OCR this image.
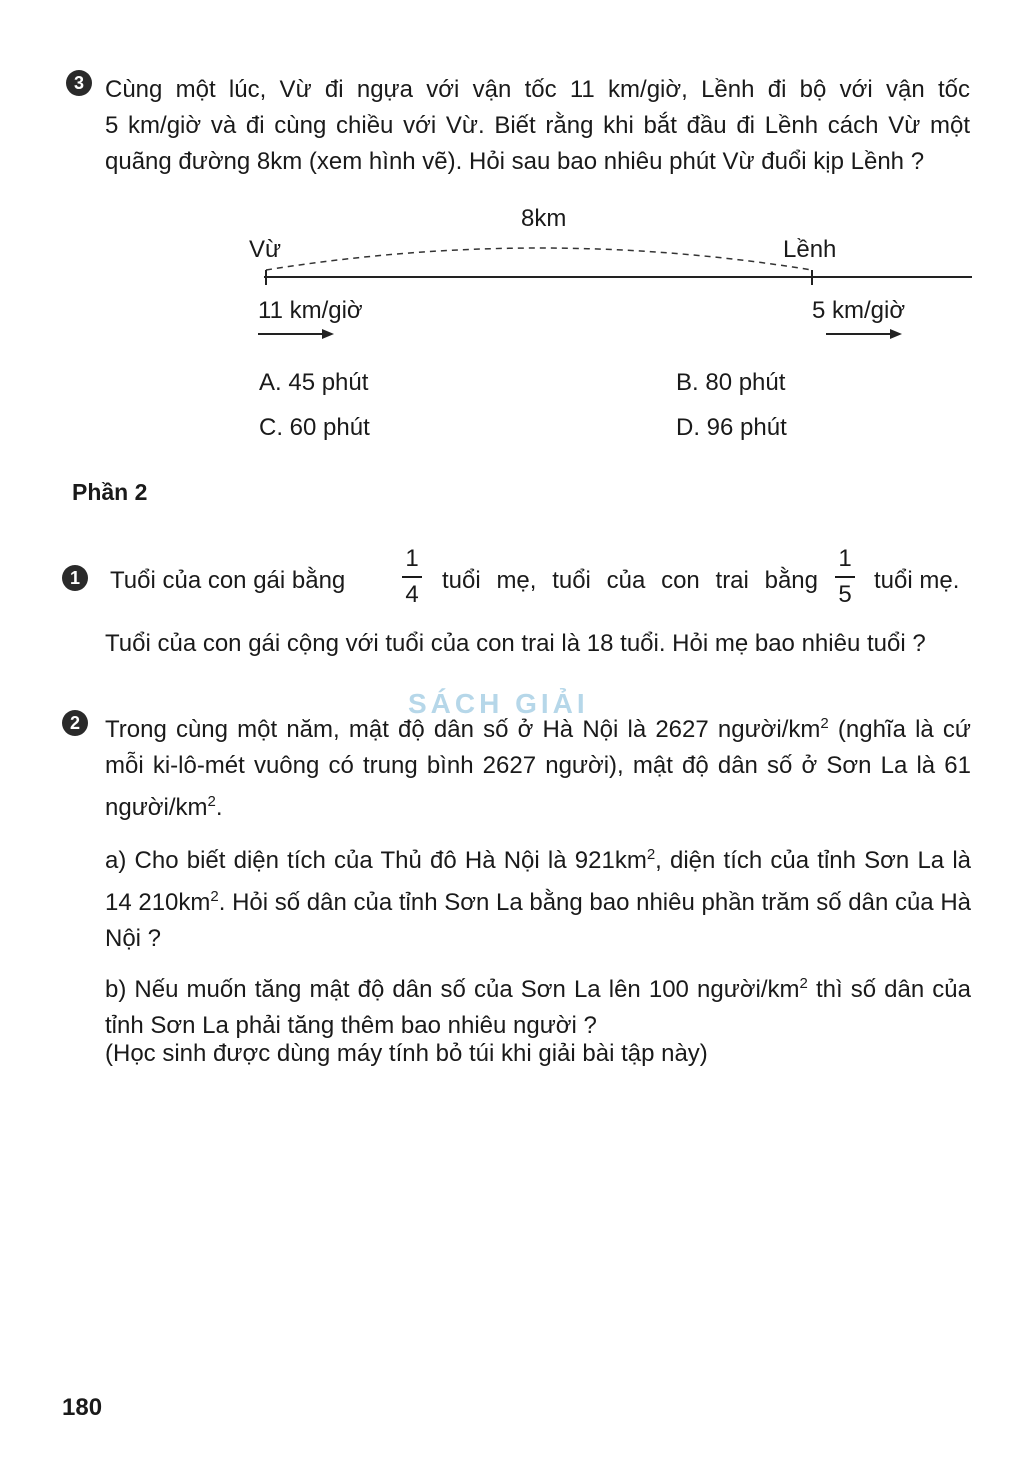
3 Cùng một lúc, Vừ đi ngựa với vận tốc 11 km/giờ, Lềnh đi bộ với vận tốc
5 km/giờ và đi cùng chiều với Vừ. Biết rằng khi bắt đầu đi Lềnh cách Vừ một
quãng đường 8km (xem hình vẽ). Hỏi sau bao nhiêu phút Vừ đuổi kịp Lềnh ?
8km
Vừ	Lềnh
11 km/giờ	5 km/giờ
A. 45 phút	B. 80 phút
C. 60 phút	D. 96 phút
Phần 2
1	Tuổi của con gái bằng
1
4
tuổi mẹ, tuổi của con trai bằng
1
5
tuổi mẹ.
Tuổi của con gái cộng với tuổi của con trai là 18 tuổi. Hỏi mẹ bao nhiêu tuổi ?
SÁCH GIẢI
2	Trong cùng một năm, mật độ dân số ở Hà Nội là 2627 người/$km^2$ (nghĩa là cứ mỗi ki-lô-mét vuông có trung bình 2627 người), mật độ dân số ở Sơn La là 61 người/$km^2$.
a) Cho biết diện tích của Thủ đô Hà Nội là $921km^2$, diện tích của tỉnh Sơn La là 14 $210km^2$. Hỏi số dân của tỉnh Sơn La bằng bao nhiêu phần trăm số dân của Hà Nội ?
b) Nếu muốn tăng mật độ dân số của Sơn La lên 100 người/$km^2$ thì số dân của tỉnh Sơn La phải tăng thêm bao nhiêu người ?
(Học sinh được dùng máy tính bỏ túi khi giải bài tập này)
180
